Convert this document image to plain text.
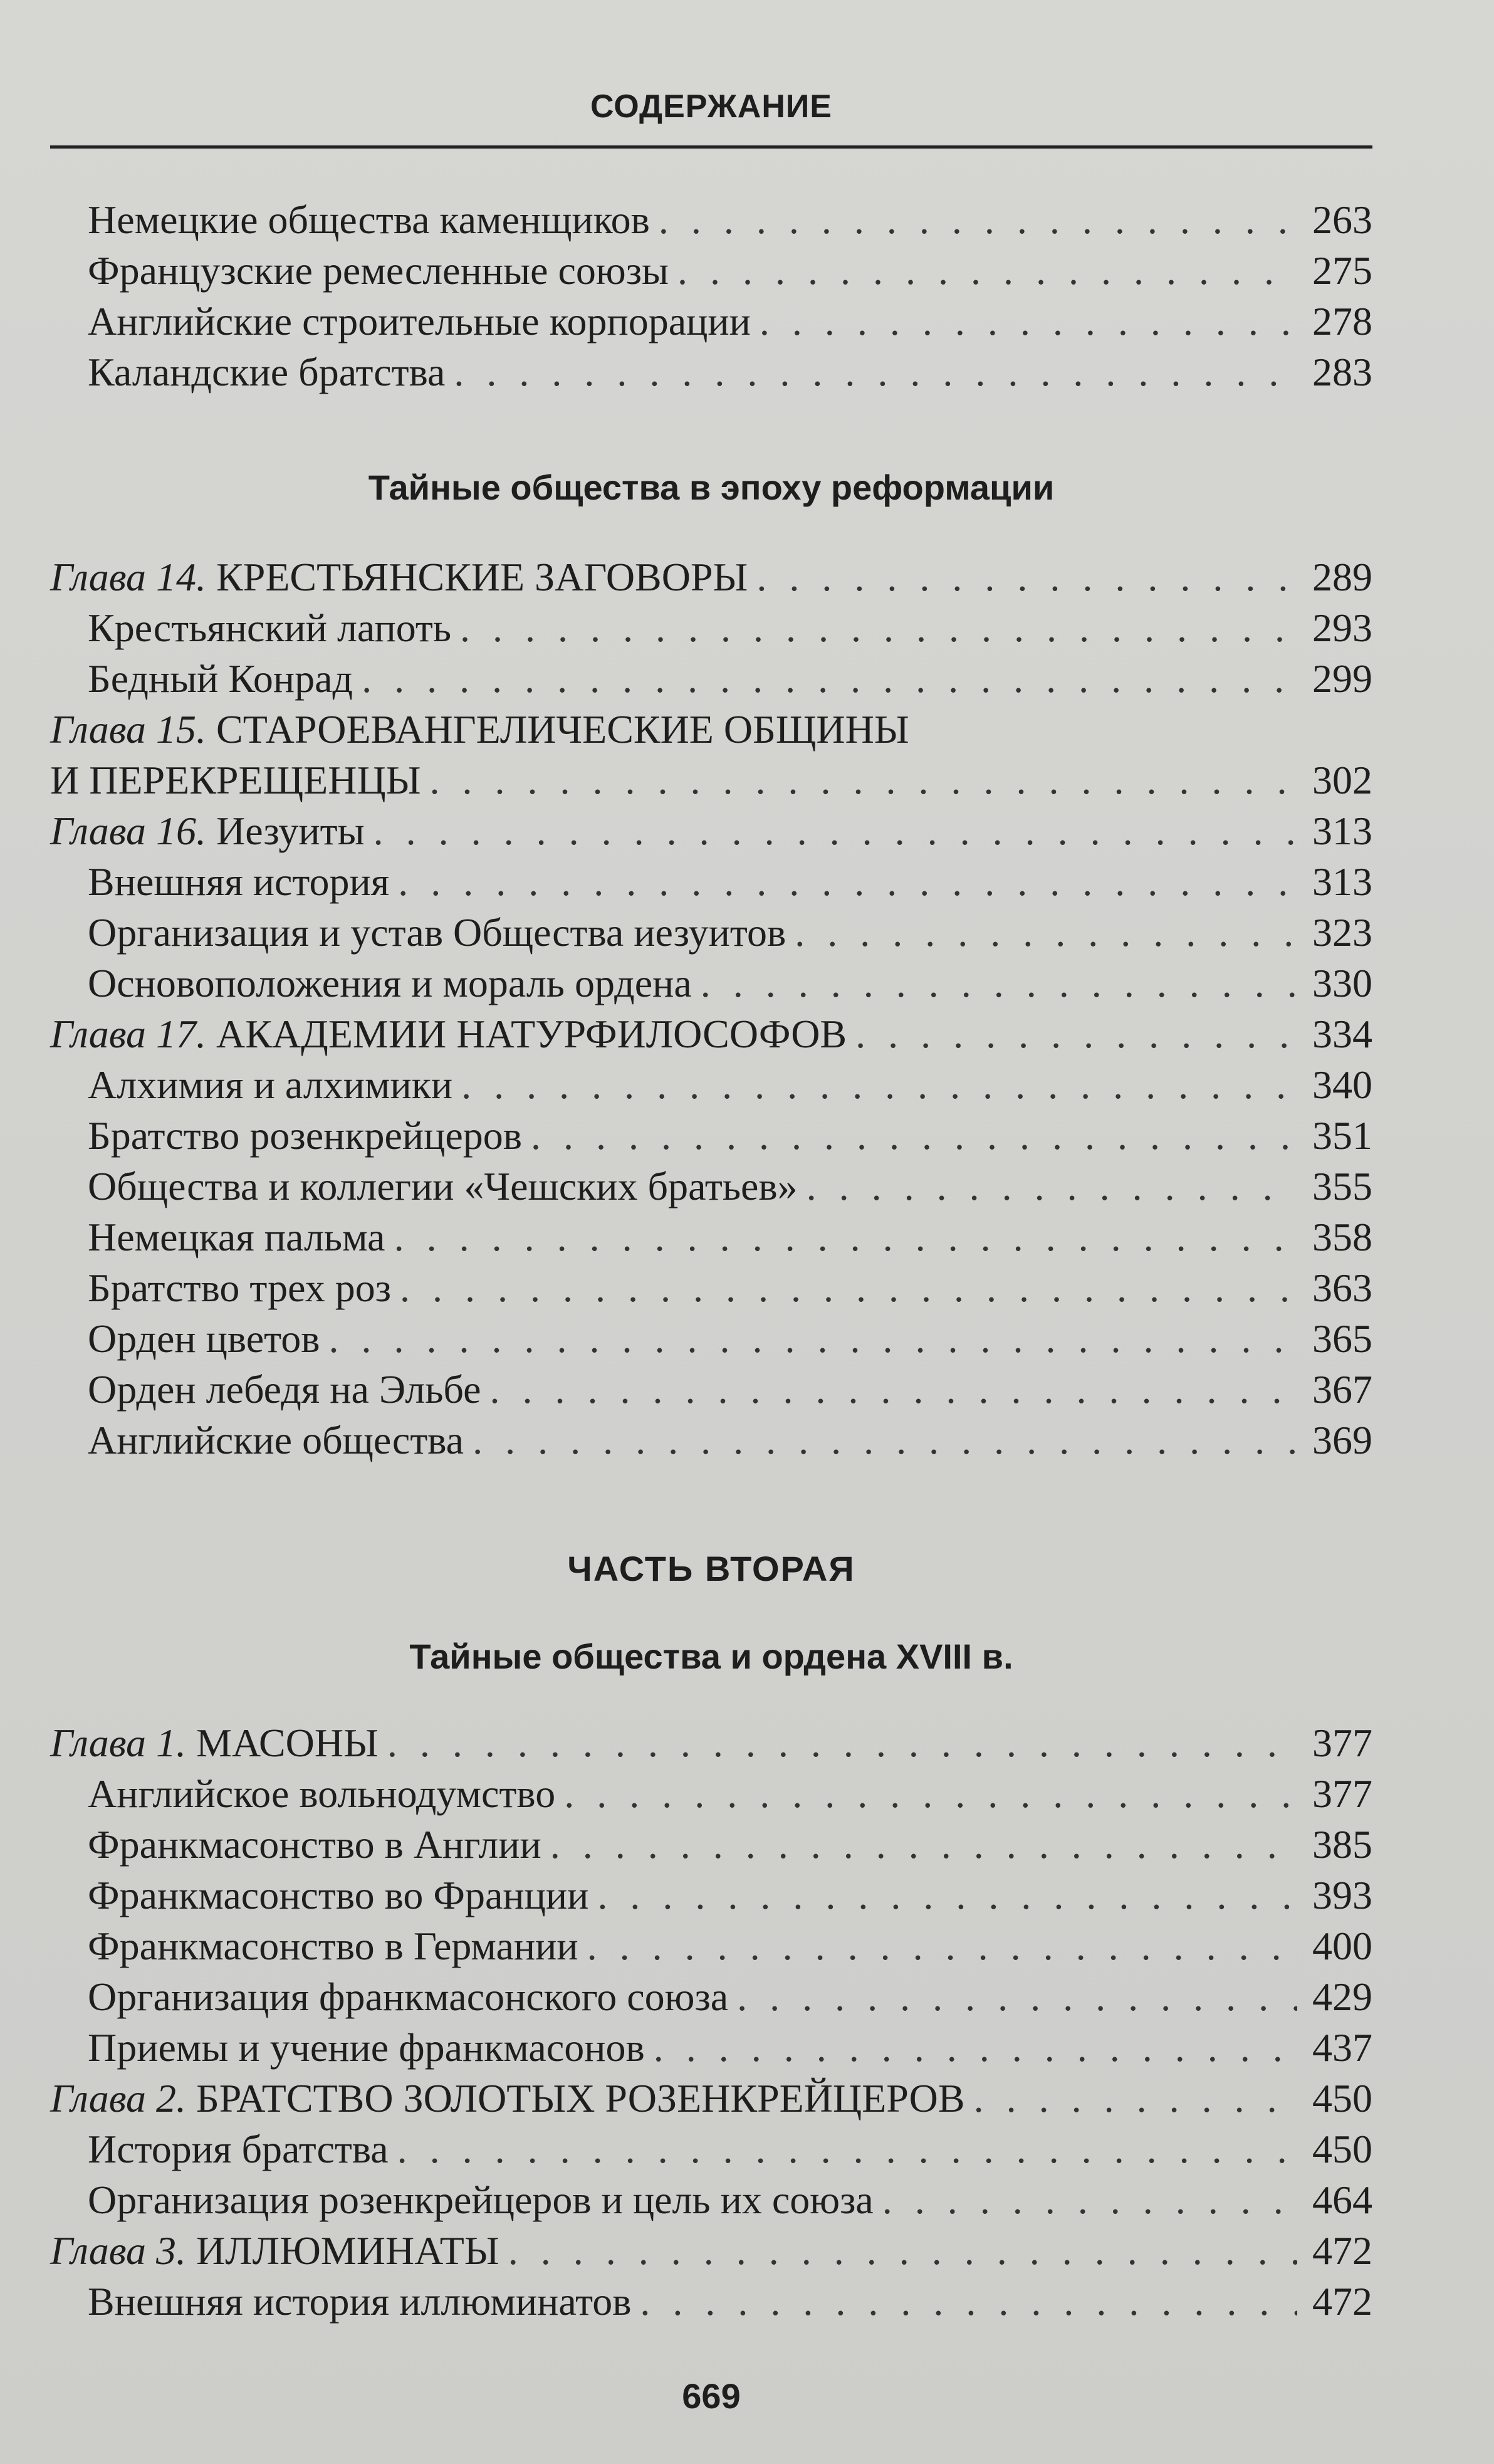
СОДЕРЖАНИЕ
Немецкие общества каменщиков . . .	263
Французские ремесленные союзы . . .	275
Английские строительные корпорации . . .	278
Каландские братства . . .	283
Тайные общества в эпоху реформации
Глава 14. КРЕСТЬЯНСКИЕ ЗАГОВОРЫ . . .	289
Крестьянский лапоть . . .	293
Бедный Конрад . . .	299
Глава 15. СТАРОЕВАНГЕЛИЧЕСКИЕ ОБЩИНЫ
И ПЕРЕКРЕЩЕНЦЫ . . .	302
Глава 16. Иезуиты . . .	313
Внешняя история . . .	313
Организация и устав Общества иезуитов . . .	323
Основоположения и мораль ордена . . .	330
Глава 17. АКАДЕМИИ НАТУРФИЛОСОФОВ . . .	334
Алхимия и алхимики . . .	340
Братство розенкрейцеров . . .	351
Общества и коллегии «Чешских братьев» . . .	355
Немецкая пальма . . .	358
Братство трех роз . . .	363
Орден цветов . . .	365
Орден лебедя на Эльбе . . .	367
Английские общества . . .	369
ЧАСТЬ ВТОРАЯ
Тайные общества и ордена XVIII в.
Глава 1. МАСОНЫ . . .	377
Английское вольнодумство . . .	377
Франкмасонство в Англии . . .	385
Франкмасонство во Франции . . .	393
Франкмасонство в Германии . . .	400
Организация франкмасонского союза . . .	429
Приемы и учение франкмасонов . . .	437
Глава 2. БРАТСТВО ЗОЛОТЫХ РОЗЕНКРЕЙЦЕРОВ . . .	450
История братства . . .	450
Организация розенкрейцеров и цель их союза . . .	464
Глава 3. ИЛЛЮМИНАТЫ . . .	472
Внешняя история иллюминатов . . .	472
669
